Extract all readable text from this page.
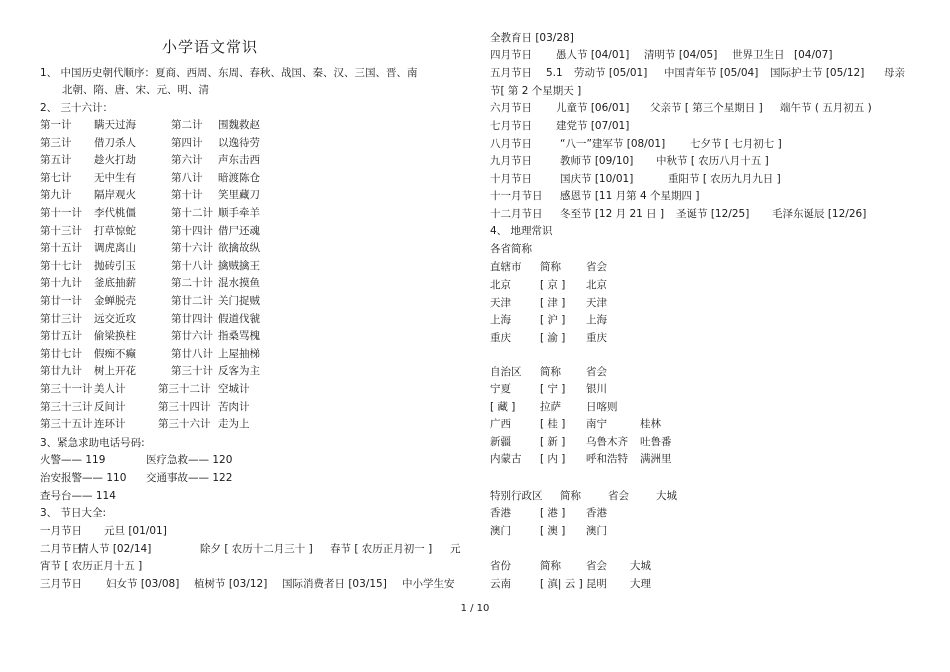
小学语文常识
1、 中国历史朝代顺序：夏商、西周、东周、春秋、战国、秦、汉、三国、晋、南
北朝、隋、唐、宋、元、明、清
2、 三十六计：
第一计 瞒天过海	第二计 围魏救赵
第三计 借刀杀人	第四计 以逸待劳
第五计 趁火打劫	第六计 声东击西
第七计 无中生有	第八计 暗渡陈仓
第九计 隔岸观火	第十计 笑里藏刀
第十一计 李代桃僵	第十二计 顺手牵羊
第十三计 打草惊蛇	第十四计 借尸还魂
第十五计 调虎离山	第十六计 欲擒故纵
第十七计 抛砖引玉	第十八计 擒贼擒王
第十九计 釜底抽薪	第二十计 混水摸鱼
第廿一计 金蝉脱壳	第廿二计 关门捉贼
第廿三计 远交近攻	第廿四计 假道伐虢
第廿五计 偷梁换柱	第廿六计 指桑骂槐
第廿七计 假痴不癫	第廿八计 上屋抽梯
第廿九计 树上开花	第三十计 反客为主
第三十一计 美人计	第三十二计 空城计
第三十三计 反间计	第三十四计 苦肉计
第三十五计 连环计	第三十六计 走为上
3、紧急求助电话号码:
火警—— 119	医疗急救—— 120
治安报警—— 110 交通事故—— 122
查号台—— 114
3、 节日大全:
一月节日 元旦 [01/01]
二月节日
情人节 [02/14]	除夕 [ 农历十二月三十 ] 春节 [ 农历正月初一 ] 元
宵节 [ 农历正月十五 ]
三月节日 妇女节 [03/08] 植树节 [03/12] 国际消费者日 [03/15] 中小学生安
全教育日 [03/28]
四月节日 愚人节 [04/01] 清明节 [04/05] 世界卫生日 [04/07]
五月节日 5.1 劳动节 [05/01] 中国青年节 [05/04] 国际护士节 [05/12] 母亲
节[ 第 2 个星期天 ]
六月节日 儿童节 [06/01] 父亲节 [ 第三个星期日 ] 端午节 ( 五月初五 )
七月节日 建党节 [07/01]
八月节日	“八一”建军节 [08/01] 七夕节 [ 七月初七 ]
九月节日	教师节 [09/10] 中秋节 [ 农历八月十五 ]
十月节日	国庆节 [10/01]	重阳节 [ 农历九月九日 ]
十一月节日 感恩节 [11 月第 4 个星期四 ]
十二月节日 冬至节 [12 月 21 日 ] 圣诞节 [12/25] 毛泽东诞辰 [12/26]
4、 地理常识
各省简称
直辖市 简称 省会
北京	[ 京 ] 北京
天津	[ 津 ] 天津
上海	[ 沪 ] 上海
重庆	[ 渝 ] 重庆
自治区 简称 省会
宁夏	[ 宁 ] 银川
[ 藏 ] 拉萨 日喀则
广西	[ 桂 ] 南宁	桂林
新疆	[ 新 ] 乌鲁木齐 吐鲁番
内蒙古 [ 内 ] 呼和浩特 满洲里
特别行政区 简称	省会	大城
香港	[ 港 ] 香港
澳门	[ 澳 ] 澳门
省份	简称 省会 大城
云南	[ 滇| 云 ] 昆明 大理
1 / 10
